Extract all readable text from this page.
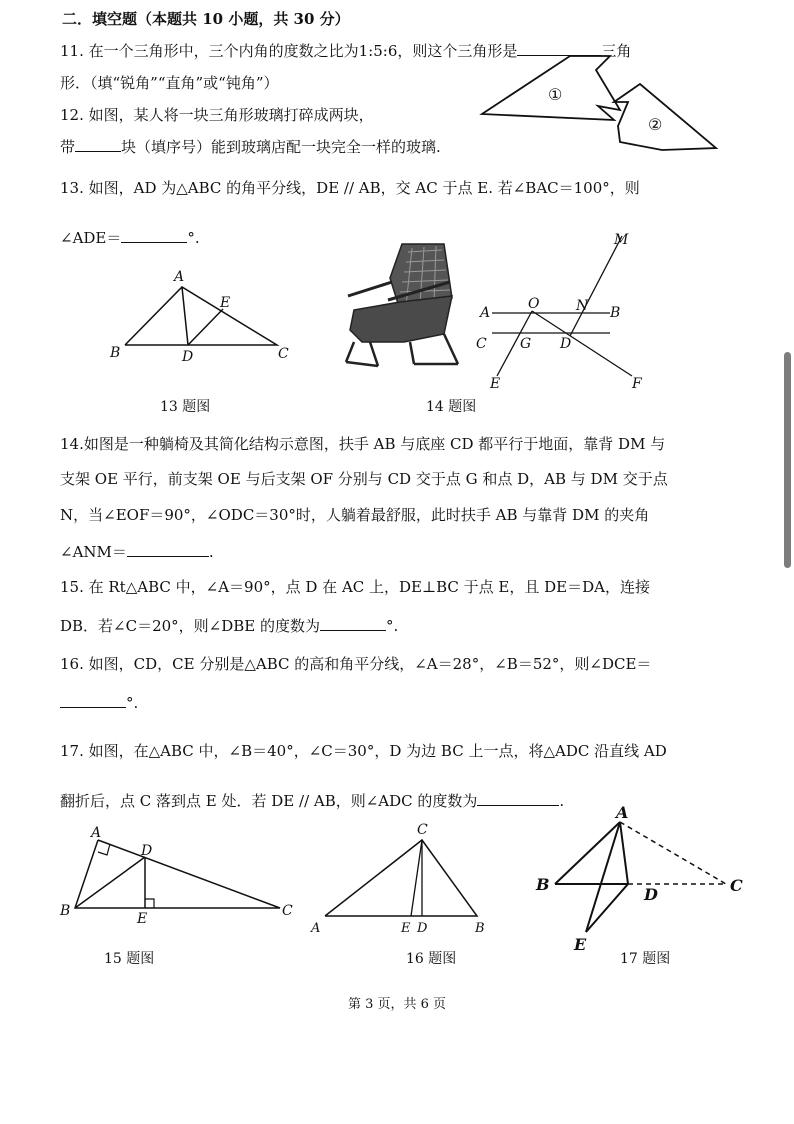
二．填空题（本题共 10 小题，共 30 分）
11. 在一个三角形中，三个内角的度数之比为1:5:6，则这个三角形是	三角
形．（填“锐角”“直角”或“钝角”）
12. 如图，某人将一块三角形玻璃打碎成两块，
带	块（填序号）能到玻璃店配一块完全一样的玻璃.
①
②
13. 如图，AD 为△ABC 的角平分线，DE // AB，交 AC 于点 E. 若∠BAC＝100°，则
∠ADE＝	°.
A
B	C
D
E
M
A
O	N B
C G D
E	F
13 题图	14 题图
14.如图是一种躺椅及其简化结构示意图，扶手 AB 与底座 CD 都平行于地面，靠背 DM 与
支架 OE 平行，前支架 OE 与后支架 OF 分别与 CD 交于点 G 和点 D，AB 与 DM 交于点
N，当∠EOF＝90°，∠ODC＝30°时，人躺着最舒服，此时扶手 AB 与靠背 DM 的夹角
∠ANM＝	.
15. 在 Rt△ABC 中，∠A＝90°，点 D 在 AC 上，DE⊥BC 于点 E，且 DE＝DA，连接
DB．若∠C＝20°，则∠DBE 的度数为	°.
16. 如图，CD，CE 分别是△ABC 的高和角平分线，∠A＝28°，∠B＝52°，则∠DCE＝
°.
17. 如图，在△ABC 中，∠B＝40°，∠C＝30°，D 为边 BC 上一点，将△ADC 沿直线 AD
翻折后，点 C 落到点 E 处．若 DE // AB，则∠ADC 的度数为	.
A
B	C
D
E
C
A	E D	B
A
B	C
D
E
15 题图	16 题图	17 题图
第 3 页，共 6 页
